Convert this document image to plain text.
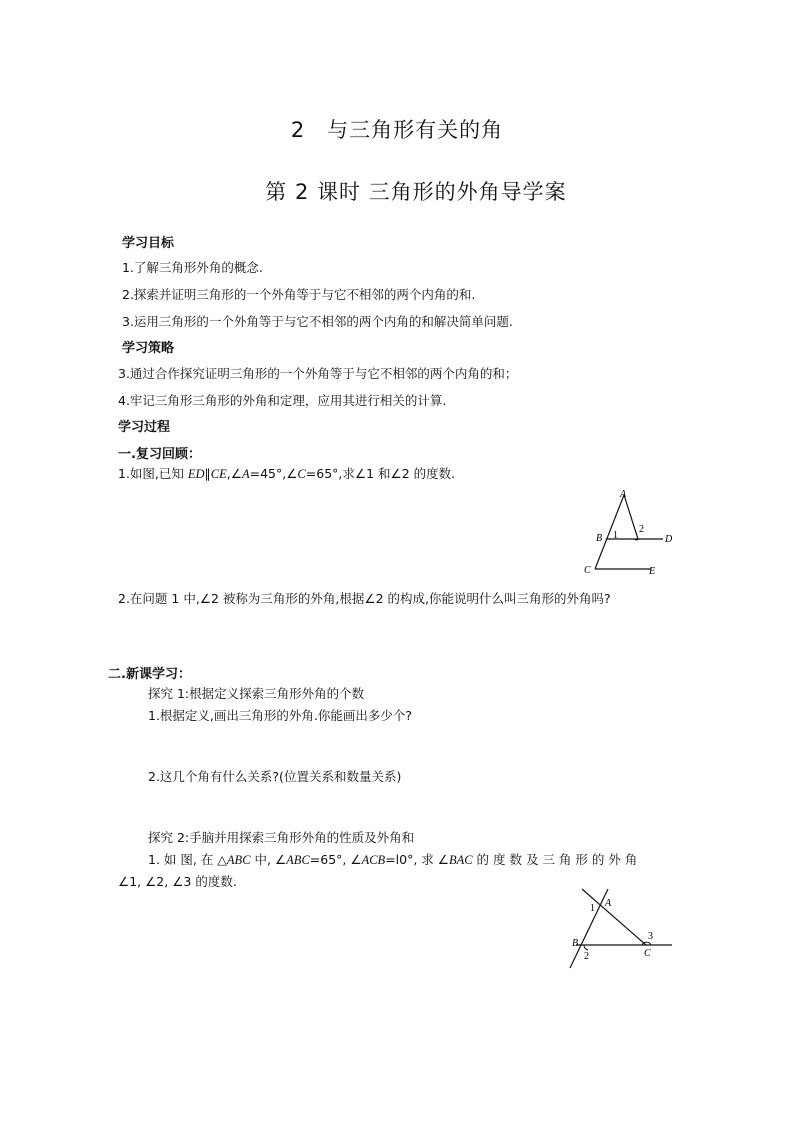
2　与三角形有关的角
第 2 课时 三角形的外角导学案
学习目标
1.了解三角形外角的概念.
2.探索并证明三角形的一个外角等于与它不相邻的两个内角的和.
3.运用三角形的一个外角等于与它不相邻的两个内角的和解决简单问题.
学习策略
3.通过合作探究证明三角形的一个外角等于与它不相邻的两个内角的和；
4.牢记三角形三角形的外角和定理，应用其进行相关的计算.
学习过程
一.复习回顾：
1.如图,已知 ED∥CE,∠A=45°,∠C=65°,求∠1 和∠2 的度数.
A
B 1
2
D
C	E
2.在问题 1 中,∠2 被称为三角形的外角,根据∠2 的构成,你能说明什么叫三角形的外角吗?
二.新课学习：
探究 1:根据定义探索三角形外角的个数
1.根据定义,画出三角形的外角.你能画出多少个?
2.这几个角有什么关系?(位置关系和数量关系)
探究 2:手脑并用探索三角形外角的性质及外角和
1. 如 图, 在 △ABC 中, ∠ABC=65°, ∠ACB=l0°, 求 ∠BAC 的 度 数 及 三 角 形 的 外 角
∠1, ∠2, ∠3 的度数.
1 A
3
B
C
2
